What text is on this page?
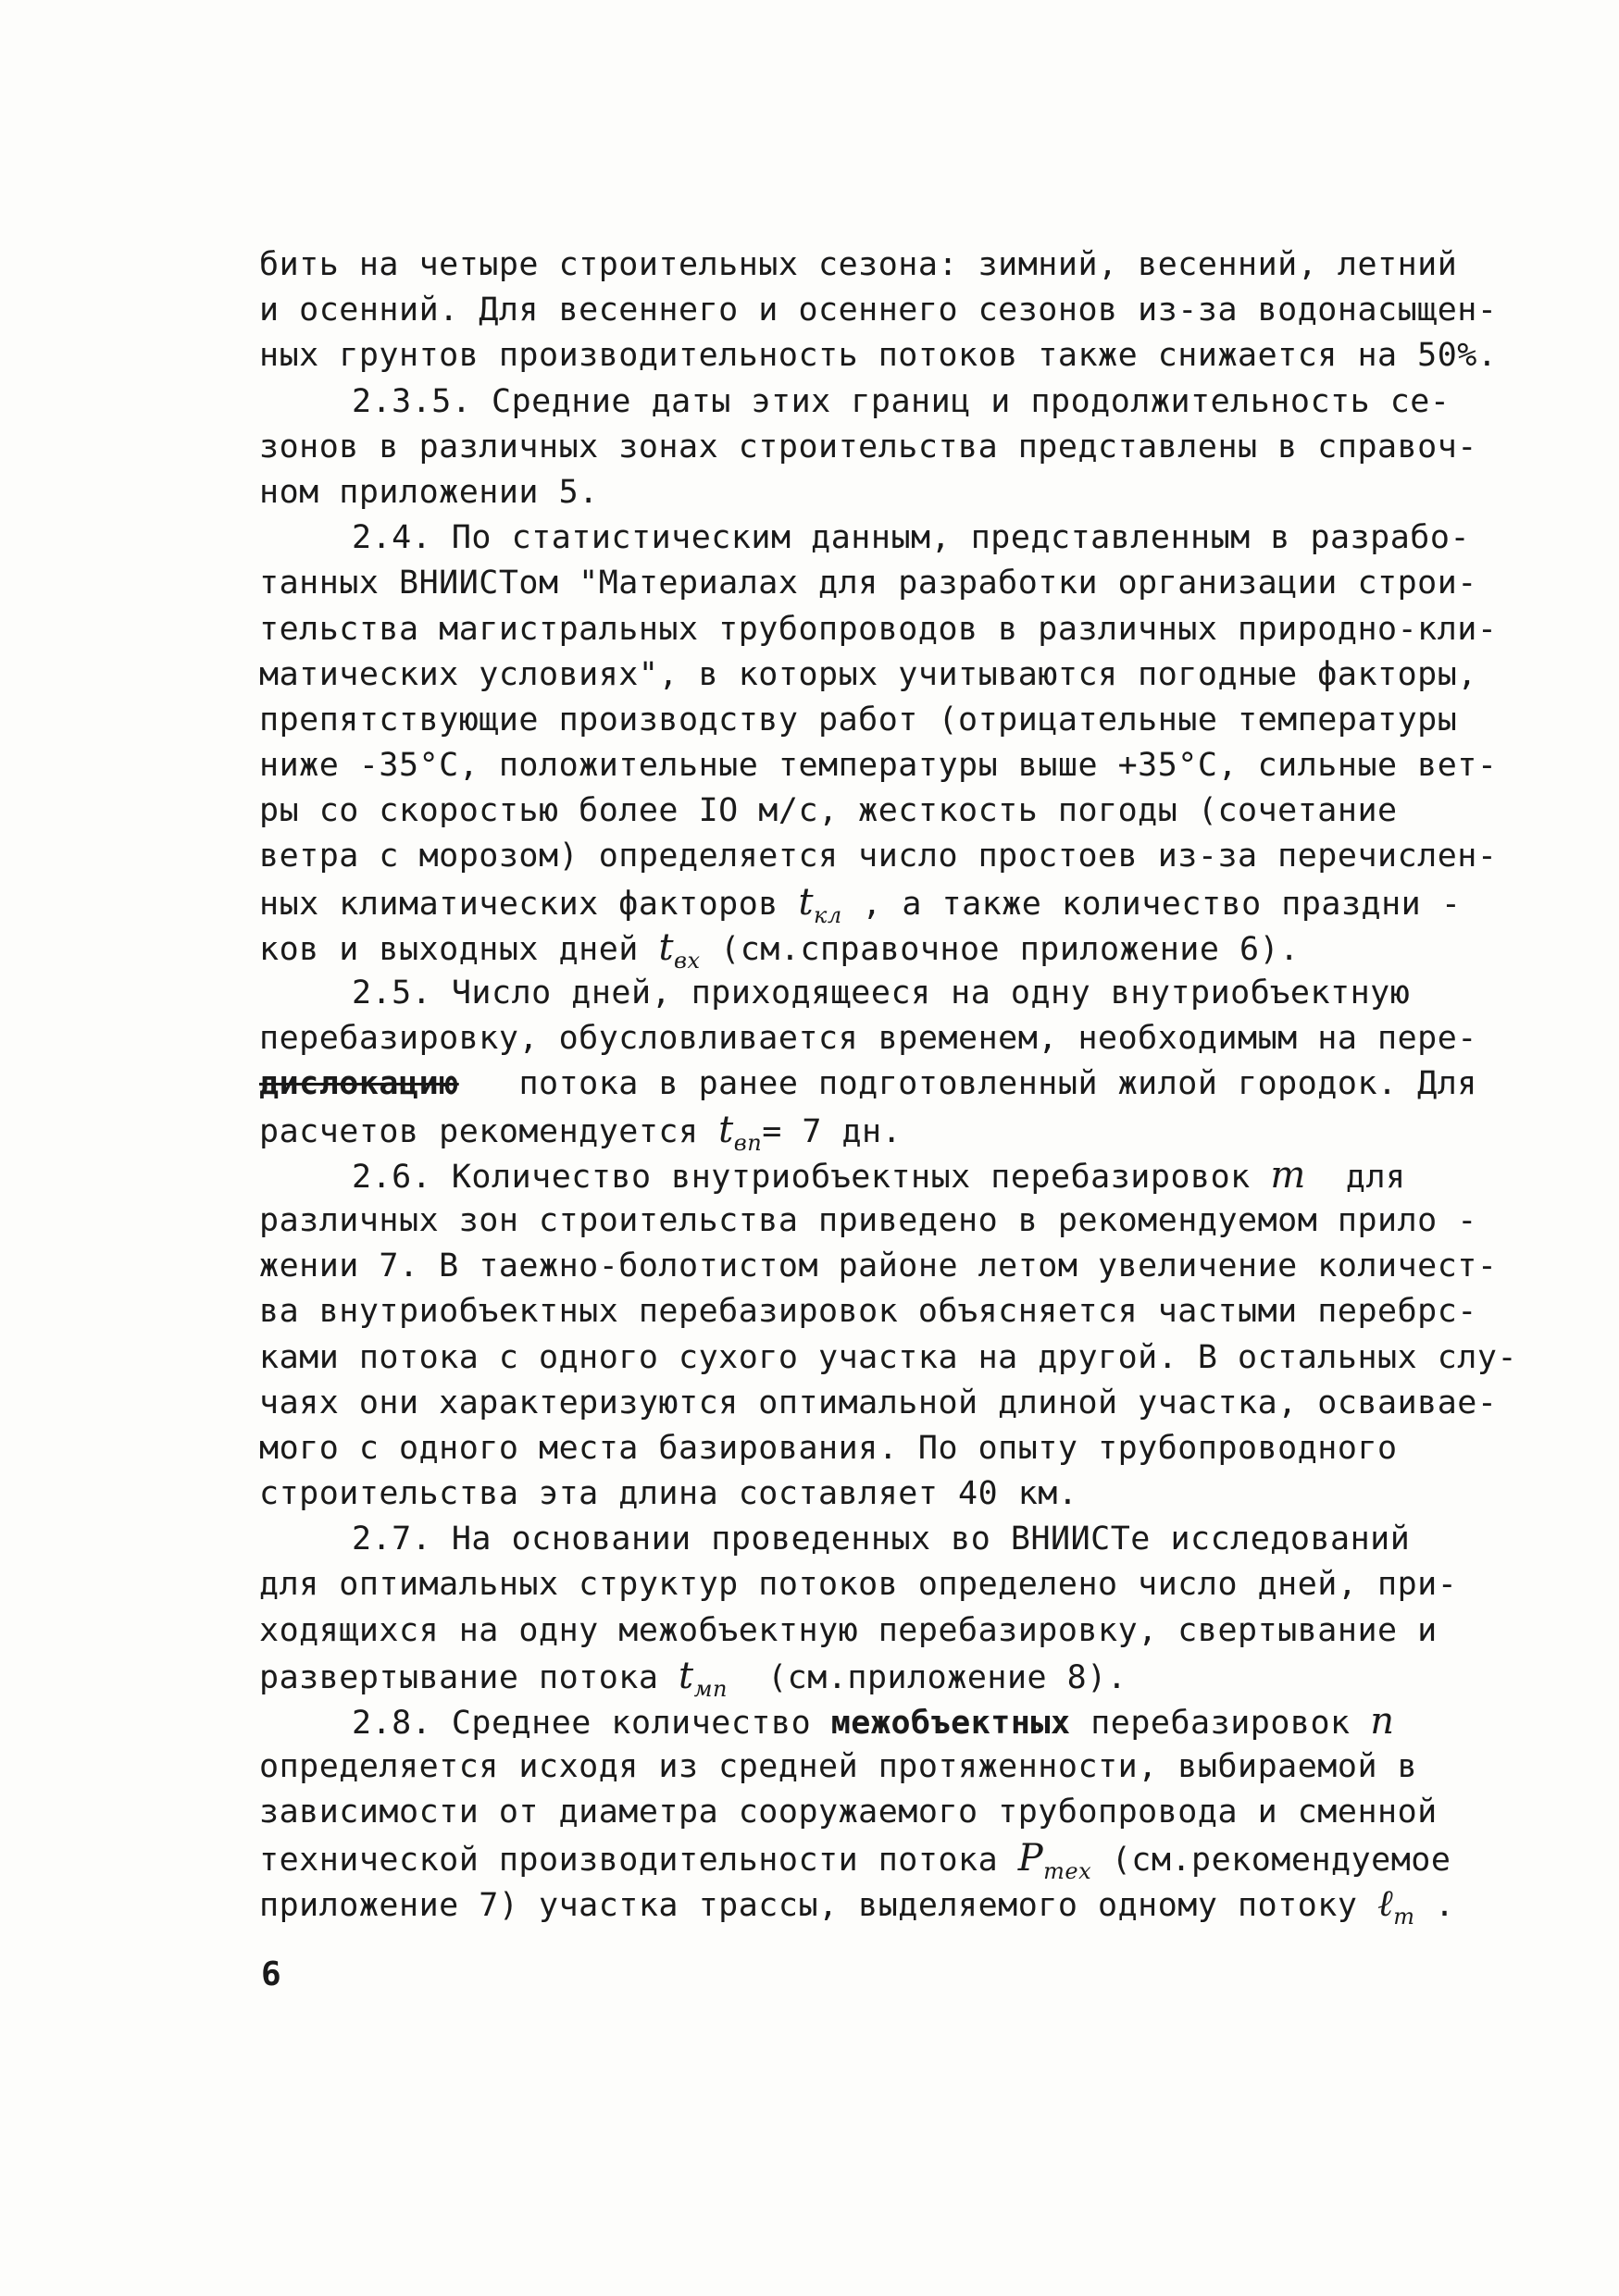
бить на четыре строительных сезона: зимний, весенний, летний
и осенний. Для весеннего и осеннего сезонов из-за водонасыщен-
ных грунтов производительность потоков также снижается на 50%.
2.3.5. Средние даты этих границ и продолжительность се-
зонов в различных зонах строительства представлены в справоч-
ном приложении 5.
2.4. По статистическим данным, представленным в разрабо-
танных ВНИИСТом "Материалах для разработки организации строи-
тельства магистральных трубопроводов в различных природно-кли-
матических условиях", в которых учитываются погодные факторы,
препятствующие производству работ (отрицательные температуры
ниже -35°С, положительные температуры выше +35°С, сильные вет-
ры со скоростью более IO м/с, жесткость погоды (сочетание
ветра с морозом) определяется число простоев из-за перечислен-
ных климатических факторов $t_{кл}$ , а также количество праздни -
ков и выходных дней $t_{вх}$ (см.справочное приложение 6).
2.5. Число дней, приходящееся на одну внутриобъектную
перебазировку, обусловливается временем, необходимым на пере-
дислокацию потока в ранее подготовленный жилой городок. Для
расчетов рекомендуется $t_{вп}= 7$ дн.
2.6. Количество внутриобъектных перебазировок m для
различных зон строительства приведено в рекомендуемом прило -
жении 7. В таежно-болотистом районе летом увеличение количест-
ва внутриобъектных перебазировок объясняется частыми перебрс-
ками потока с одного сухого участка на другой. В остальных слу-
чаях они характеризуются оптимальной длиной участка, осваивае-
мого с одного места базирования. По опыту трубопроводного
строительства эта длина составляет 40 км.
2.7. На основании проведенных во ВНИИСТе исследований
для оптимальных структур потоков определено число дней, при-
ходящихся на одну межобъектную перебазировку, свертывание и
развертывание потока $t_{мп}$ (см.приложение 8).
2.8. Среднее количество межобъектных перебазировок n
определяется исходя из средней протяженности, выбираемой в
зависимости от диаметра сооружаемого трубопровода и сменной
технической производительности потока $P_{тех}$ (см.рекомендуемое
приложение 7) участка трассы, выделяемого одному потоку ℓ$_т$ .
6
